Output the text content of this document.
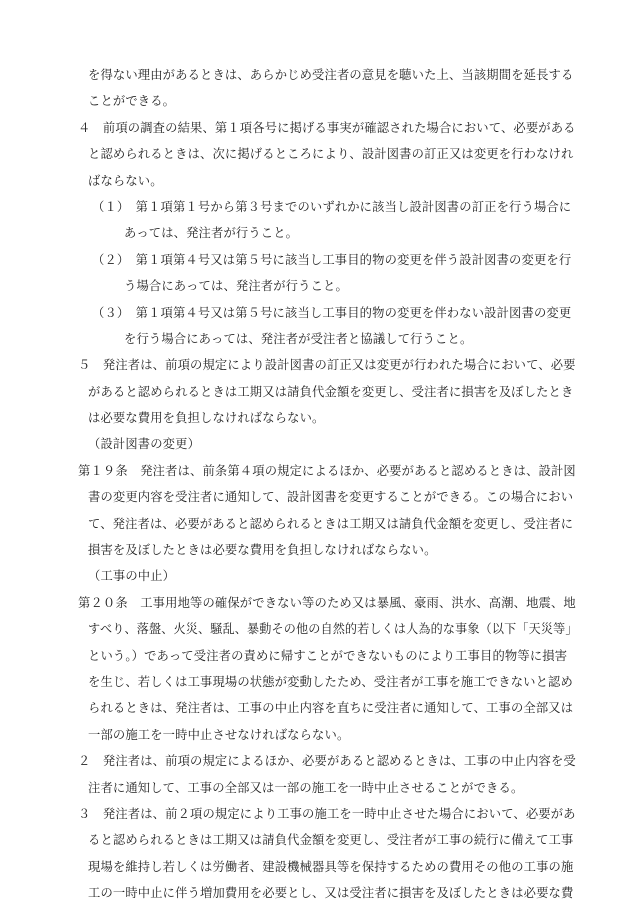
を得ない理由があるときは、あらかじめ受注者の意見を聴いた上、当該期間を延長する
ことができる。
４　前項の調査の結果、第１項各号に掲げる事実が確認された場合において、必要がある
と認められるときは、次に掲げるところにより、設計図書の訂正又は変更を行わなけれ
ばならない。
（１）　第１項第１号から第３号までのいずれかに該当し設計図書の訂正を行う場合に
あっては、発注者が行うこと。
（２）　第１項第４号又は第５号に該当し工事目的物の変更を伴う設計図書の変更を行
う場合にあっては、発注者が行うこと。
（３）　第１項第４号又は第５号に該当し工事目的物の変更を伴わない設計図書の変更
を行う場合にあっては、発注者が受注者と協議して行うこと。
５　発注者は、前項の規定により設計図書の訂正又は変更が行われた場合において、必要
があると認められるときは工期又は請負代金額を変更し、受注者に損害を及ぼしたとき
は必要な費用を負担しなければならない。
（設計図書の変更）
第１９条　発注者は、前条第４項の規定によるほか、必要があると認めるときは、設計図
書の変更内容を受注者に通知して、設計図書を変更することができる。この場合におい
て、発注者は、必要があると認められるときは工期又は請負代金額を変更し、受注者に
損害を及ぼしたときは必要な費用を負担しなければならない。
（工事の中止）
第２０条　工事用地等の確保ができない等のため又は暴風、豪雨、洪水、高潮、地震、地
すべり、落盤、火災、騒乱、暴動その他の自然的若しくは人為的な事象（以下「天災等」
という。）であって受注者の責めに帰すことができないものにより工事目的物等に損害
を生じ、若しくは工事現場の状態が変動したため、受注者が工事を施工できないと認め
られるときは、発注者は、工事の中止内容を直ちに受注者に通知して、工事の全部又は
一部の施工を一時中止させなければならない。
２　発注者は、前項の規定によるほか、必要があると認めるときは、工事の中止内容を受
注者に通知して、工事の全部又は一部の施工を一時中止させることができる。
３　発注者は、前２項の規定により工事の施工を一時中止させた場合において、必要があ
ると認められるときは工期又は請負代金額を変更し、受注者が工事の続行に備えて工事
現場を維持し若しくは労働者、建設機械器具等を保持するための費用その他の工事の施
工の一時中止に伴う増加費用を必要とし、又は受注者に損害を及ぼしたときは必要な費
